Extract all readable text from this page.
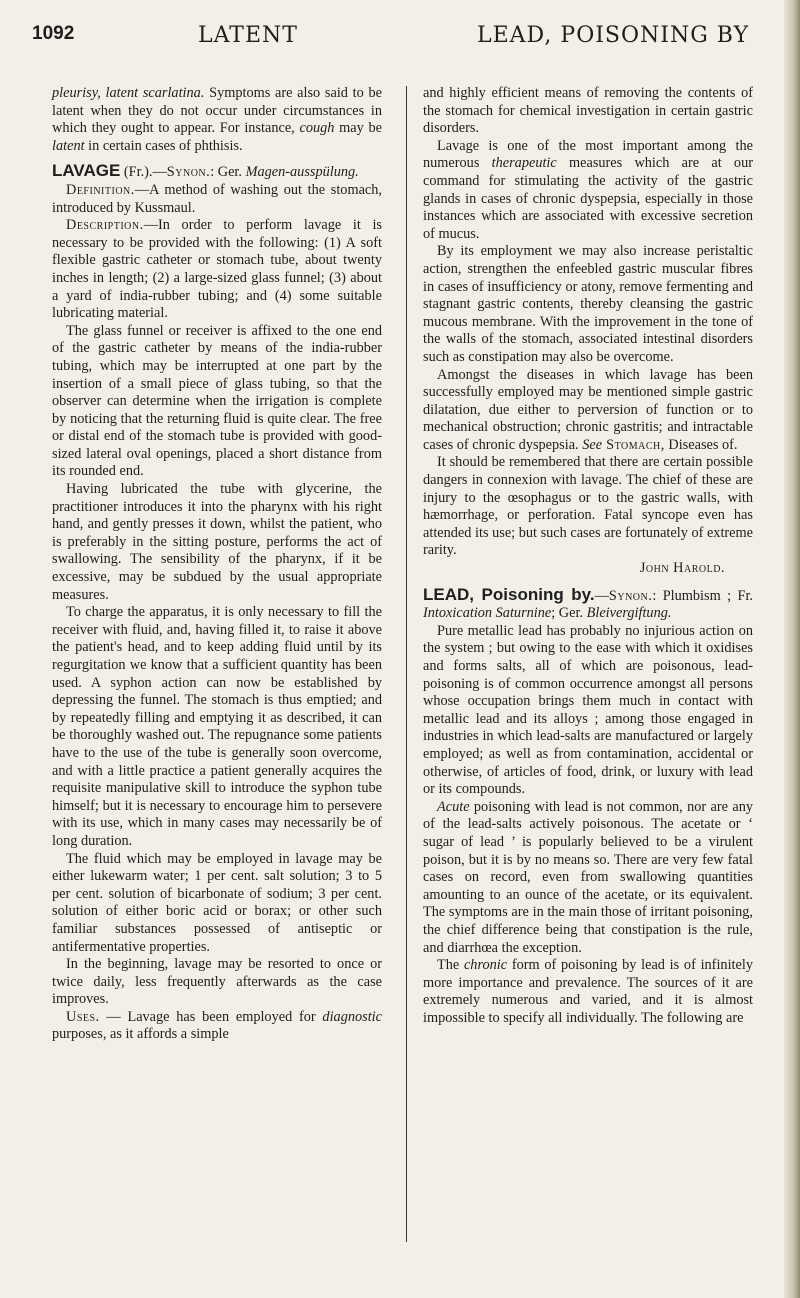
1092	LATENT	LEAD, POISONING BY

pleurisy, latent scarlatina. Symptoms are also said to be latent when they do not occur under circumstances in which they ought to appear. For instance, cough may be latent in certain cases of phthisis.

LAVAGE (Fr.).—Synon.: Ger. Magen-ausspülung.

Definition.—A method of washing out the stomach, introduced by Kussmaul.

Description.—In order to perform lavage it is necessary to be provided with the following: (1) A soft flexible gastric catheter or stomach tube, about twenty inches in length; (2) a large-sized glass funnel; (3) about a yard of india-rubber tubing; and (4) some suitable lubricating material.

The glass funnel or receiver is affixed to the one end of the gastric catheter by means of the india-rubber tubing, which may be interrupted at one part by the insertion of a small piece of glass tubing, so that the observer can determine when the irrigation is complete by noticing that the returning fluid is quite clear. The free or distal end of the stomach tube is provided with good-sized lateral oval openings, placed a short distance from its rounded end.

Having lubricated the tube with glycerine, the practitioner introduces it into the pharynx with his right hand, and gently presses it down, whilst the patient, who is preferably in the sitting posture, performs the act of swallowing. The sensibility of the pharynx, if it be excessive, may be subdued by the usual appropriate measures.

To charge the apparatus, it is only necessary to fill the receiver with fluid, and, having filled it, to raise it above the patient's head, and to keep adding fluid until by its regurgitation we know that a sufficient quantity has been used. A syphon action can now be established by depressing the funnel. The stomach is thus emptied; and by repeatedly filling and emptying it as described, it can be thoroughly washed out. The repugnance some patients have to the use of the tube is generally soon overcome, and with a little practice a patient generally acquires the requisite manipulative skill to introduce the syphon tube himself; but it is necessary to encourage him to persevere with its use, which in many cases may necessarily be of long duration.

The fluid which may be employed in lavage may be either lukewarm water; 1 per cent. salt solution; 3 to 5 per cent. solution of bicarbonate of sodium; 3 per cent. solution of either boric acid or borax; or other such familiar substances possessed of antiseptic or antifermentative properties.

In the beginning, lavage may be resorted to once or twice daily, less frequently afterwards as the case improves.

Uses. — Lavage has been employed for diagnostic purposes, as it affords a simple

and highly efficient means of removing the contents of the stomach for chemical investigation in certain gastric disorders.

Lavage is one of the most important among the numerous therapeutic measures which are at our command for stimulating the activity of the gastric glands in cases of chronic dyspepsia, especially in those instances which are associated with excessive secretion of mucus.

By its employment we may also increase peristaltic action, strengthen the enfeebled gastric muscular fibres in cases of insufficiency or atony, remove fermenting and stagnant gastric contents, thereby cleansing the gastric mucous membrane. With the improvement in the tone of the walls of the stomach, associated intestinal disorders such as constipation may also be overcome.

Amongst the diseases in which lavage has been successfully employed may be mentioned simple gastric dilatation, due either to perversion of function or to mechanical obstruction; chronic gastritis; and intractable cases of chronic dyspepsia. See Stomach, Diseases of.

It should be remembered that there are certain possible dangers in connexion with lavage. The chief of these are injury to the œsophagus or to the gastric walls, with hæmorrhage, or perforation. Fatal syncope even has attended its use; but such cases are fortunately of extreme rarity.

John Harold.

LEAD, Poisoning by.—Synon.: Plumbism ; Fr. Intoxication Saturnine; Ger. Bleivergiftung.

Pure metallic lead has probably no injurious action on the system ; but owing to the ease with which it oxidises and forms salts, all of which are poisonous, lead-poisoning is of common occurrence amongst all persons whose occupation brings them much in contact with metallic lead and its alloys ; among those engaged in industries in which lead-salts are manufactured or largely employed; as well as from contamination, accidental or otherwise, of articles of food, drink, or luxury with lead or its compounds.

Acute poisoning with lead is not common, nor are any of the lead-salts actively poisonous. The acetate or ‘ sugar of lead ’ is popularly believed to be a virulent poison, but it is by no means so. There are very few fatal cases on record, even from swallowing quantities amounting to an ounce of the acetate, or its equivalent. The symptoms are in the main those of irritant poisoning, the chief difference being that constipation is the rule, and diarrhœa the exception.

The chronic form of poisoning by lead is of infinitely more importance and prevalence. The sources of it are extremely numerous and varied, and it is almost impossible to specify all individually. The following are
